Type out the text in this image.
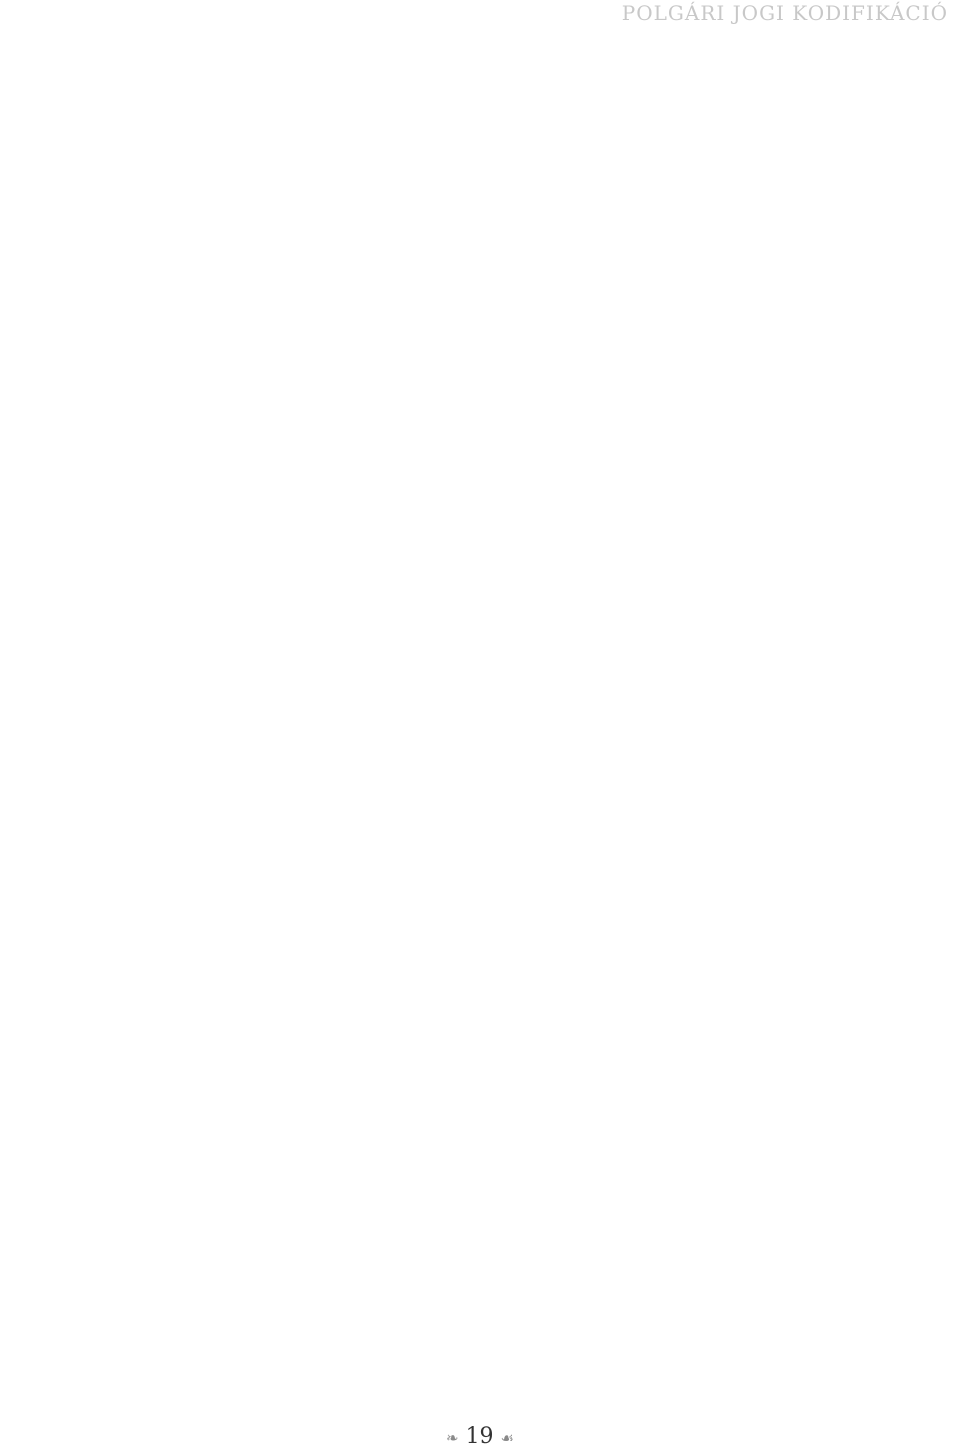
POLGÁRI JOGI KODIFIKÁCIÓ
❧ 19 ☙
